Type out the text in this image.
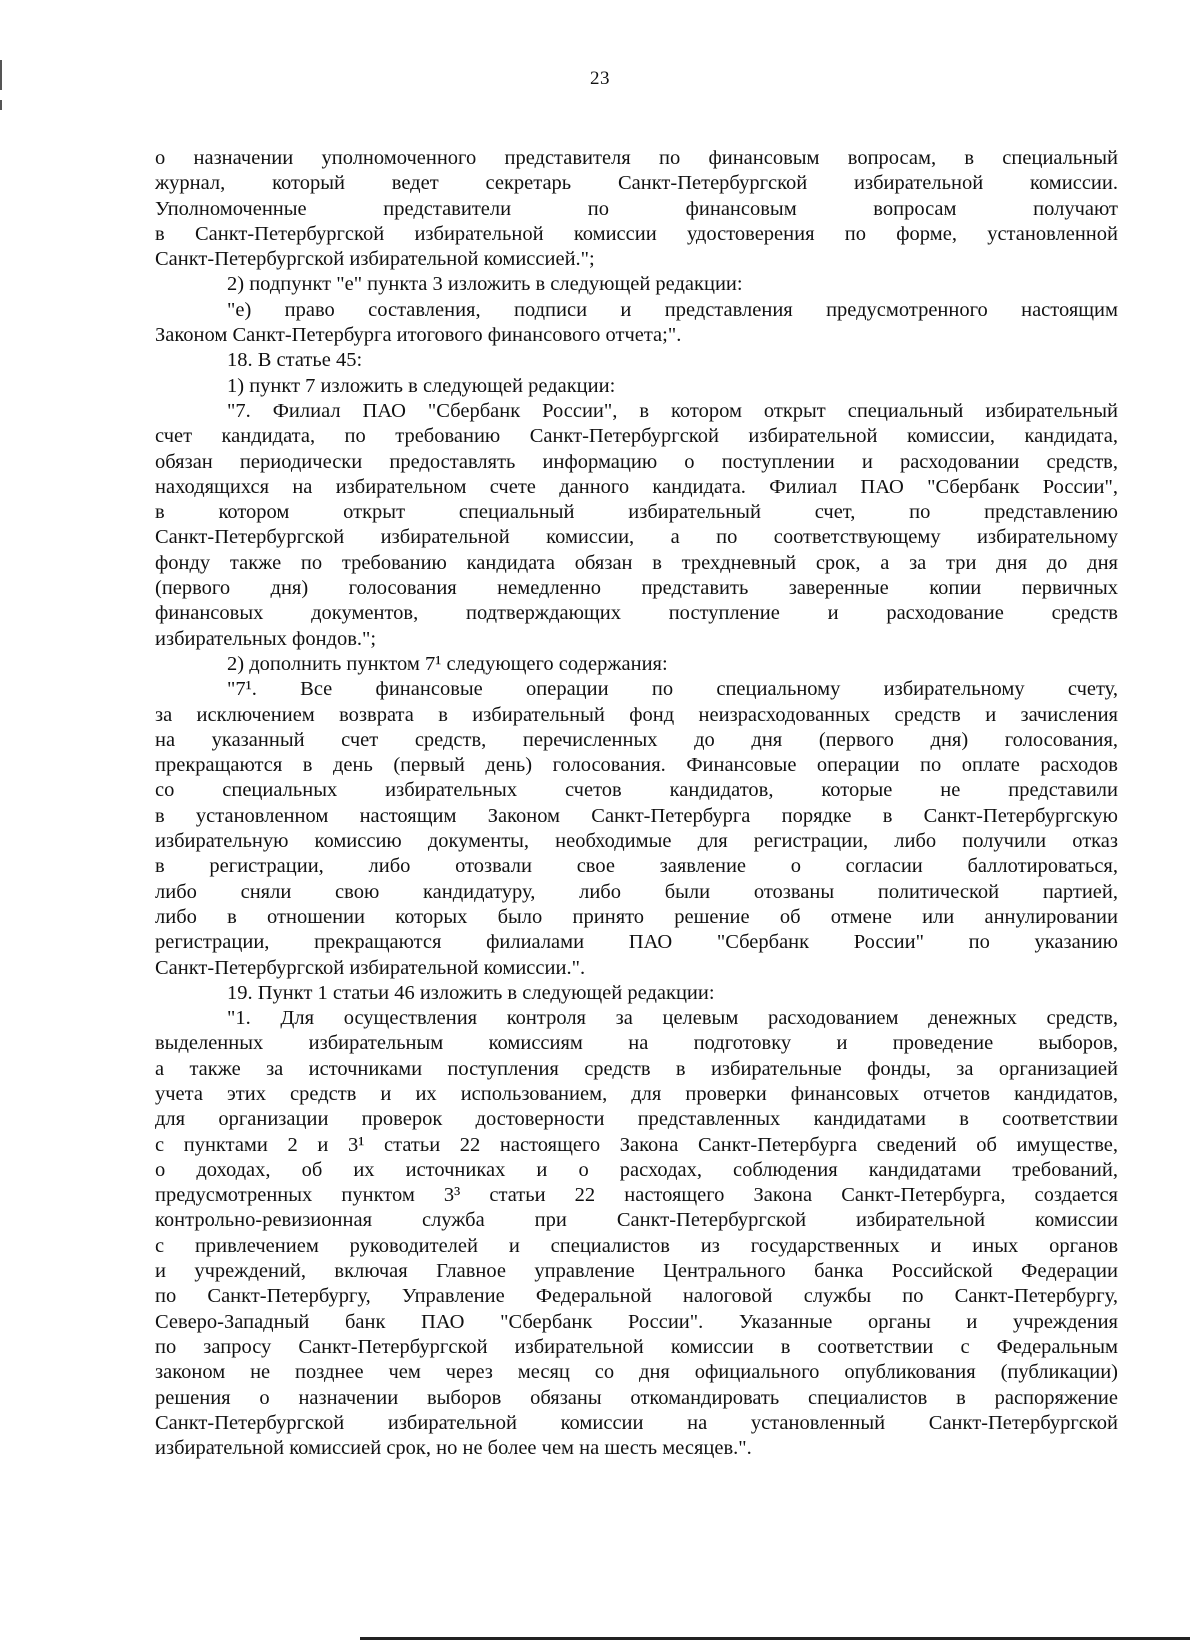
23
о назначении уполномоченного представителя по финансовым вопросам, в специальный
журнал, который ведет секретарь Санкт-Петербургской избирательной комиссии.
Уполномоченные представители по финансовым вопросам получают
в Санкт-Петербургской избирательной комиссии удостоверения по форме, установленной
Санкт-Петербургской избирательной комиссией.";
2) подпункт "е" пункта 3 изложить в следующей редакции:
"е) право составления, подписи и представления предусмотренного настоящим
Законом Санкт-Петербурга итогового финансового отчета;".
18. В статье 45:
1) пункт 7 изложить в следующей редакции:
"7. Филиал ПАО "Сбербанк России", в котором открыт специальный избирательный
счет кандидата, по требованию Санкт-Петербургской избирательной комиссии, кандидата,
обязан периодически предоставлять информацию о поступлении и расходовании средств,
находящихся на избирательном счете данного кандидата. Филиал ПАО "Сбербанк России",
в котором открыт специальный избирательный счет, по представлению
Санкт-Петербургской избирательной комиссии, а по соответствующему избирательному
фонду также по требованию кандидата обязан в трехдневный срок, а за три дня до дня
(первого дня) голосования немедленно представить заверенные копии первичных
финансовых документов, подтверждающих поступление и расходование средств
избирательных фондов.";
2) дополнить пунктом 7¹ следующего содержания:
"7¹. Все финансовые операции по специальному избирательному счету,
за исключением возврата в избирательный фонд неизрасходованных средств и зачисления
на указанный счет средств, перечисленных до дня (первого дня) голосования,
прекращаются в день (первый день) голосования. Финансовые операции по оплате расходов
со специальных избирательных счетов кандидатов, которые не представили
в установленном настоящим Законом Санкт-Петербурга порядке в Санкт-Петербургскую
избирательную комиссию документы, необходимые для регистрации, либо получили отказ
в регистрации, либо отозвали свое заявление о согласии баллотироваться,
либо сняли свою кандидатуру, либо были отозваны политической партией,
либо в отношении которых было принято решение об отмене или аннулировании
регистрации, прекращаются филиалами ПАО "Сбербанк России" по указанию
Санкт-Петербургской избирательной комиссии.".
19. Пункт 1 статьи 46 изложить в следующей редакции:
"1. Для осуществления контроля за целевым расходованием денежных средств,
выделенных избирательным комиссиям на подготовку и проведение выборов,
а также за источниками поступления средств в избирательные фонды, за организацией
учета этих средств и их использованием, для проверки финансовых отчетов кандидатов,
для организации проверок достоверности представленных кандидатами в соответствии
с пунктами 2 и 3¹ статьи 22 настоящего Закона Санкт-Петербурга сведений об имуществе,
о доходах, об их источниках и о расходах, соблюдения кандидатами требований,
предусмотренных пунктом 3³ статьи 22 настоящего Закона Санкт-Петербурга, создается
контрольно-ревизионная служба при Санкт-Петербургской избирательной комиссии
с привлечением руководителей и специалистов из государственных и иных органов
и учреждений, включая Главное управление Центрального банка Российской Федерации
по Санкт-Петербургу, Управление Федеральной налоговой службы по Санкт-Петербургу,
Северо-Западный банк ПАО "Сбербанк России". Указанные органы и учреждения
по запросу Санкт-Петербургской избирательной комиссии в соответствии с Федеральным
законом не позднее чем через месяц со дня официального опубликования (публикации)
решения о назначении выборов обязаны откомандировать специалистов в распоряжение
Санкт-Петербургской избирательной комиссии на установленный Санкт-Петербургской
избирательной комиссией срок, но не более чем на шесть месяцев.".
